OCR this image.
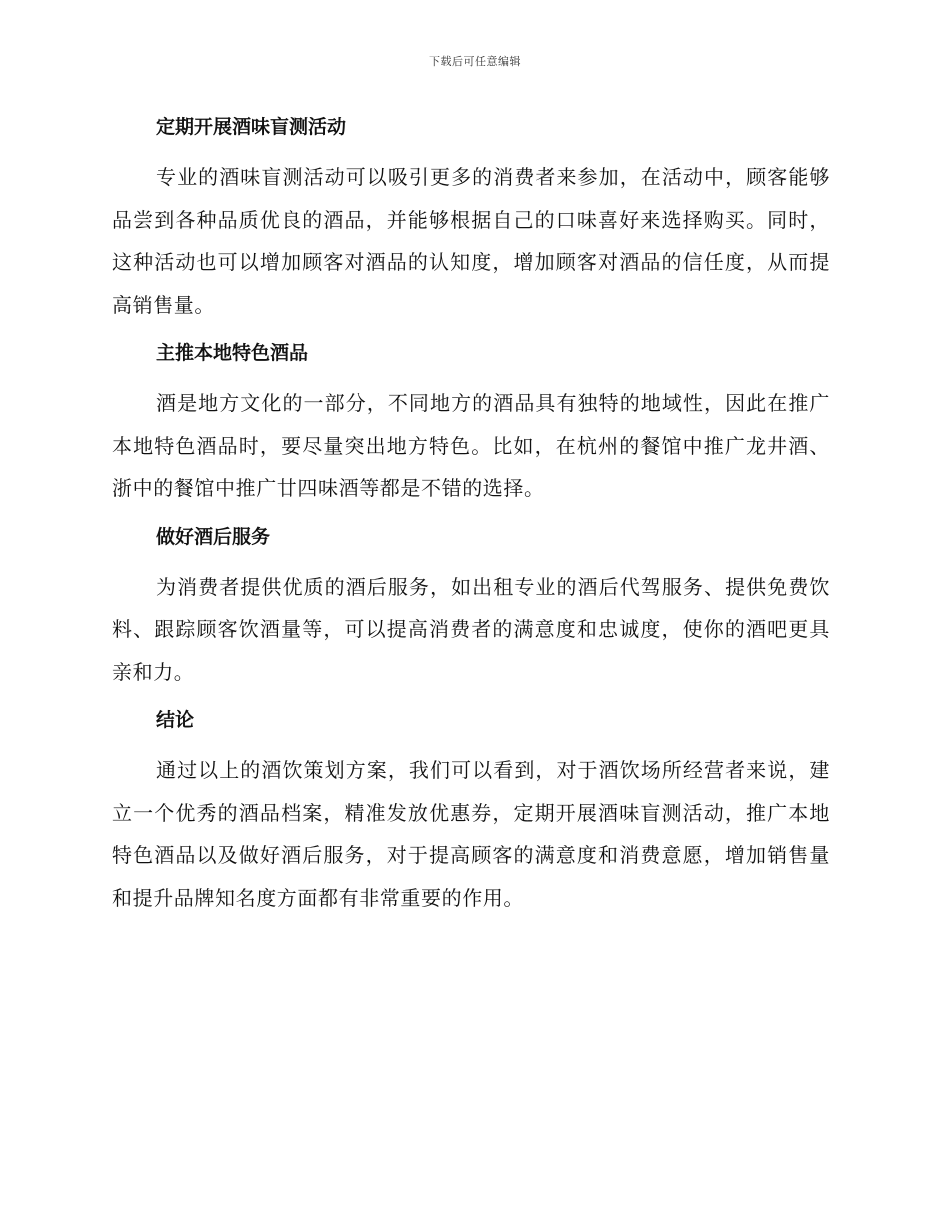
下载后可任意编辑
定期开展酒味盲测活动
专业的酒味盲测活动可以吸引更多的消费者来参加，在活动中，顾客能够品尝到各种品质优良的酒品，并能够根据自己的口味喜好来选择购买。同时，这种活动也可以增加顾客对酒品的认知度，增加顾客对酒品的信任度，从而提高销售量。
主推本地特色酒品
酒是地方文化的一部分，不同地方的酒品具有独特的地域性，因此在推广本地特色酒品时，要尽量突出地方特色。比如，在杭州的餐馆中推广龙井酒、浙中的餐馆中推广廿四味酒等都是不错的选择。
做好酒后服务
为消费者提供优质的酒后服务，如出租专业的酒后代驾服务、提供免费饮料、跟踪顾客饮酒量等，可以提高消费者的满意度和忠诚度，使你的酒吧更具亲和力。
结论
通过以上的酒饮策划方案，我们可以看到，对于酒饮场所经营者来说，建立一个优秀的酒品档案，精准发放优惠券，定期开展酒味盲测活动，推广本地特色酒品以及做好酒后服务，对于提高顾客的满意度和消费意愿，增加销售量和提升品牌知名度方面都有非常重要的作用。
